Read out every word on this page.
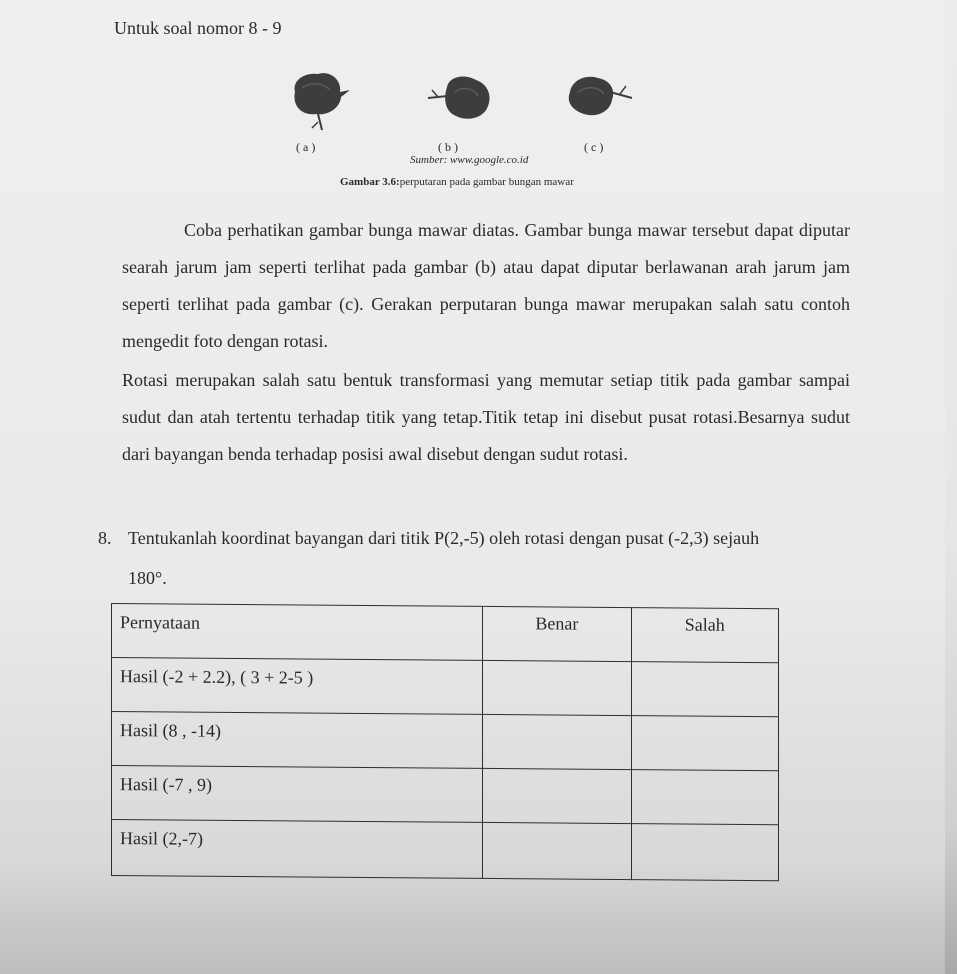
Untuk soal nomor 8 - 9
( a )	( b )	( c )
Sumber: www.google.co.id
Gambar 3.6:perputaran pada gambar bungan mawar
Coba perhatikan gambar bunga mawar diatas. Gambar bunga mawar tersebut dapat diputar searah jarum jam seperti terlihat pada gambar (b) atau dapat diputar berlawanan arah jarum jam seperti terlihat pada gambar (c). Gerakan perputaran bunga mawar merupakan salah satu contoh mengedit foto dengan rotasi.
Rotasi merupakan salah satu bentuk transformasi yang memutar setiap titik pada gambar sampai sudut dan atah tertentu terhadap titik yang tetap.Titik tetap ini disebut pusat rotasi.Besarnya sudut dari bayangan benda terhadap posisi awal disebut dengan sudut rotasi.
8. Tentukanlah koordinat bayangan dari titik P(2,-5) oleh rotasi dengan pusat (-2,3) sejauh
180°.
Pernyataan	Benar	Salah
Hasil (-2 + 2.2), ( 3 + 2-5 )		
Hasil (8 , -14)		
Hasil (-7 , 9)		
Hasil (2,-7)		
